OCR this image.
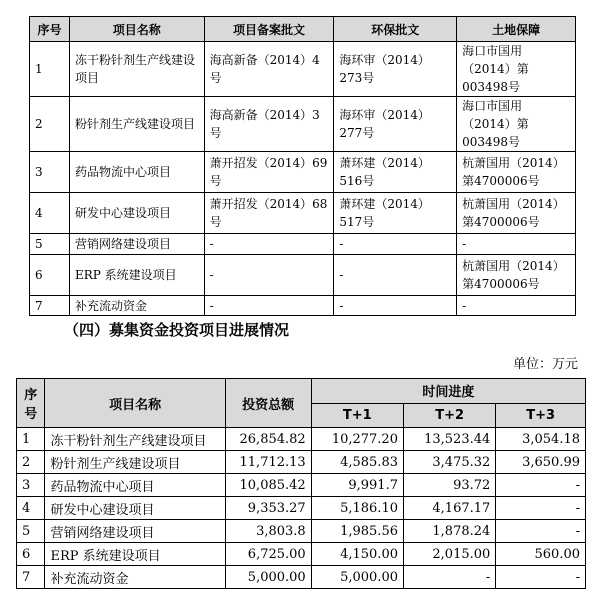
序号	项目名称	项目备案批文	环保批文	土地保障
1	冻干粉针剂生产线建设项目	海高新备（2014）4号	海环审（2014）273号	海口市国用（2014）第003498号
2	粉针剂生产线建设项目	海高新备（2014）3号	海环审（2014）277号	海口市国用（2014）第003498号
3	药品物流中心项目	萧开招发（2014）69号	萧环建（2014）516号	杭萧国用（2014）第4700006号
4	研发中心建设项目	萧开招发（2014）68号	萧环建（2014）517号	杭萧国用（2014）第4700006号
5	营销网络建设项目	-	-	-
6	ERP 系统建设项目	-	-	杭萧国用（2014）第4700006号
7	补充流动资金	-	-	-
（四）募集资金投资项目进展情况
单位：万元
序号	项目名称	投资总额	时间进度		
			T+1	T+2	T+3
1	冻干粉针剂生产线建设项目	26,854.82	10,277.20	13,523.44	3,054.18
2	粉针剂生产线建设项目	11,712.13	4,585.83	3,475.32	3,650.99
3	药品物流中心项目	10,085.42	9,991.7	93.72	-
4	研发中心建设项目	9,353.27	5,186.10	4,167.17	-
5	营销网络建设项目	3,803.8	1,985.56	1,878.24	-
6	ERP 系统建设项目	6,725.00	4,150.00	2,015.00	560.00
7	补充流动资金	5,000.00	5,000.00	-	-
